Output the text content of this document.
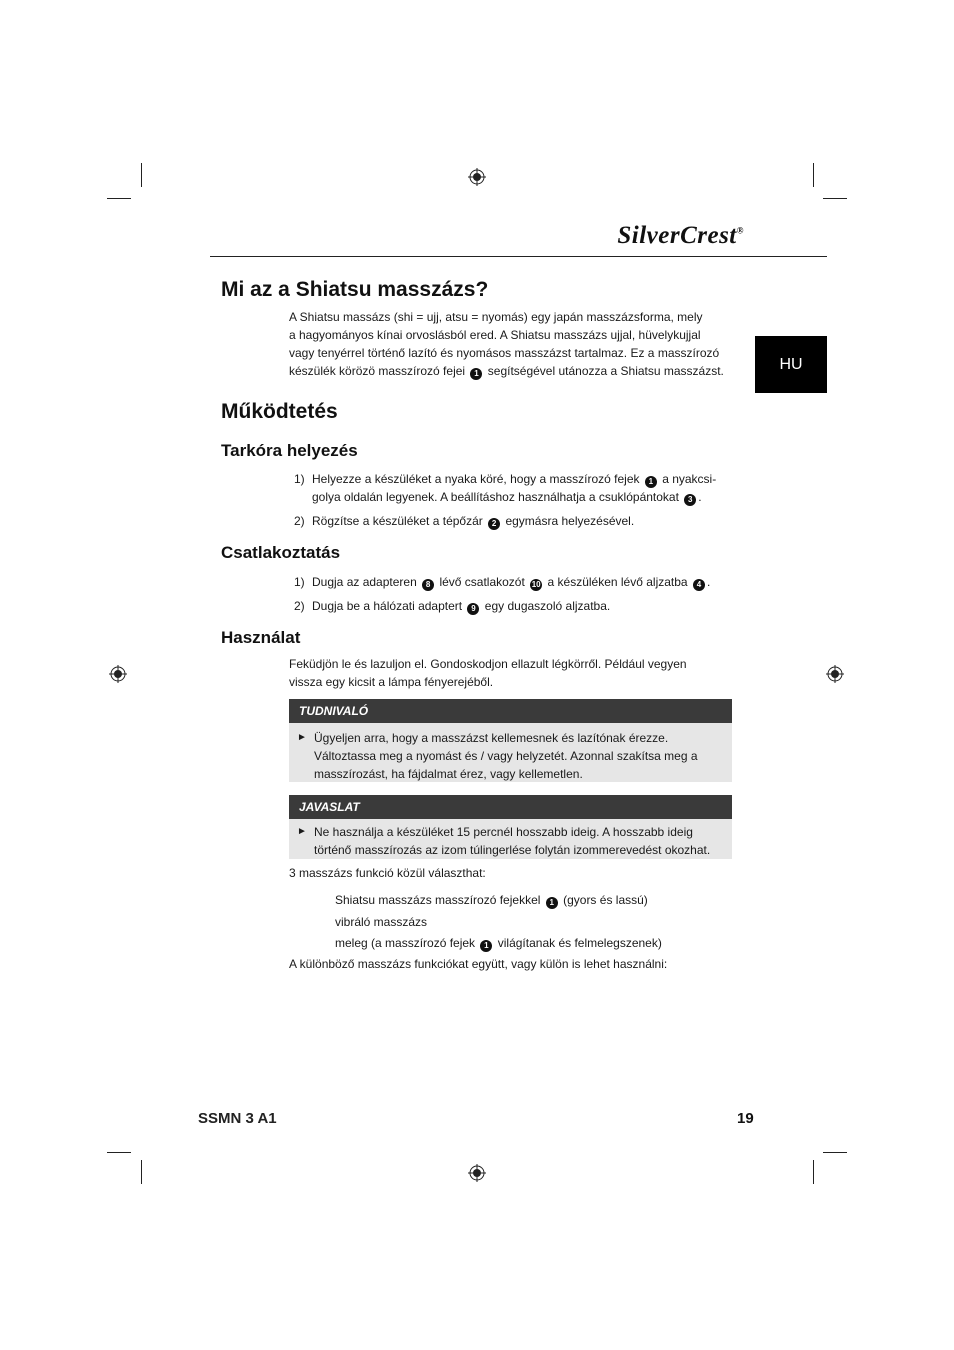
SilverCrest®
HU
Mi az a Shiatsu masszázs?
A Shiatsu massázs (shi = ujj, atsu = nyomás) egy japán masszázsforma, mely
a hagyományos kínai orvoslásból ered. A Shiatsu masszázs ujjal, hüvelykujjal
vagy tenyérrel történő lazító és nyomásos masszázst tartalmaz. Ez a masszírozó
készülék körözö masszírozó fejei 1 segítségével utánozza a Shiatsu masszázst.
Működtetés
Tarkóra helyezés
1) Helyezze a készüléket a nyaka köré, hogy a masszírozó fejek 1 a nyakcsi-
golya oldalán legyenek. A beállításhoz használhatja a csuklópántokat 3 .
2) Rögzítse a készüléket a tépőzár 2 egymásra helyezésével.
Csatlakoztatás
1) Dugja az adapteren 8 lévő csatlakozót 10 a készüléken lévő aljzatba 4 .
2) Dugja be a hálózati adaptert 9 egy dugaszoló aljzatba.
Használat
Feküdjön le és lazuljon el. Gondoskodjon ellazult légkörről. Például vegyen
vissza egy kicsit a lámpa fényerejéből.
TUDNIVALÓ
► Ügyeljen arra, hogy a masszázst kellemesnek és lazítónak érezze.
Változtassa meg a nyomást és / vagy helyzetét. Azonnal szakítsa meg a
masszírozást, ha fájdalmat érez, vagy kellemetlen.
JAVASLAT
► Ne használja a készüléket 15 percnél hosszabb ideig. A hosszabb ideig
történő masszírozás az izom túlingerlése folytán izommerevedést okozhat.
3 masszázs funkció közül választhat:
Shiatsu masszázs masszírozó fejekkel 1 (gyors és lassú)
vibráló masszázs
meleg (a masszírozó fejek 1 világítanak és felmelegszenek)
A különböző masszázs funkciókat együtt, vagy külön is lehet használni:
SSMN 3 A1	19
